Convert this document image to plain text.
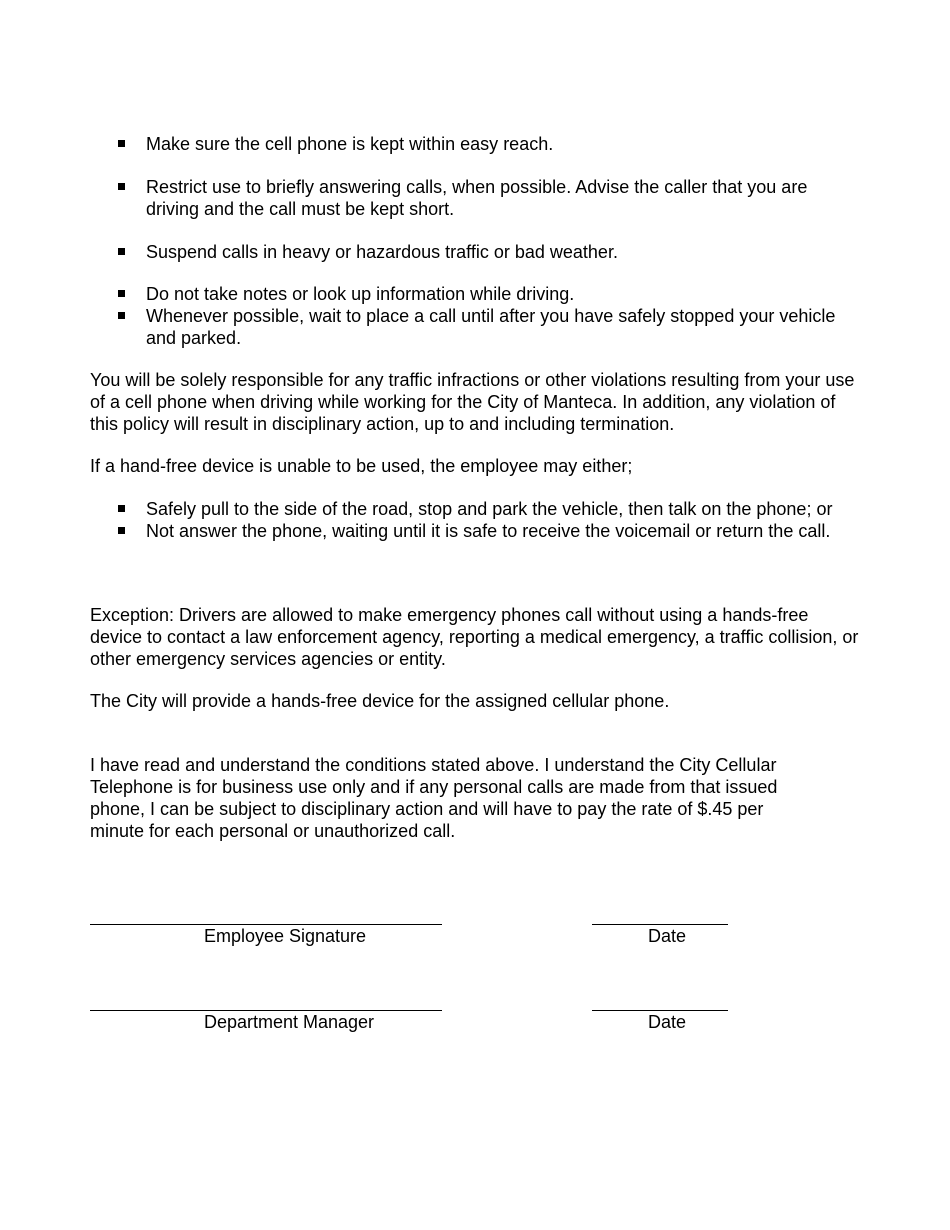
Make sure the cell phone is kept within easy reach.
Restrict use to briefly answering calls, when possible. Advise the caller that you are driving and the call must be kept short.
Suspend calls in heavy or hazardous traffic or bad weather.
Do not take notes or look up information while driving.
Whenever possible, wait to place a call until after you have safely stopped your vehicle and parked.

You will be solely responsible for any traffic infractions or other violations resulting from your use of a cell phone when driving while working for the City of Manteca. In addition, any violation of this policy will result in disciplinary action, up to and including termination.

If a hand-free device is unable to be used, the employee may either;

Safely pull to the side of the road, stop and park the vehicle, then talk on the phone; or
Not answer the phone, waiting until it is safe to receive the voicemail or return the call.

Exception: Drivers are allowed to make emergency phones call without using a hands-free device to contact a law enforcement agency, reporting a medical emergency, a traffic collision, or other emergency services agencies or entity.

The City will provide a hands-free device for the assigned cellular phone.

I have read and understand the conditions stated above. I understand the City Cellular Telephone is for business use only and if any personal calls are made from that issued phone, I can be subject to disciplinary action and will have to pay the rate of $.45 per minute for each personal or unauthorized call.

Employee Signature	Date
Department Manager	Date
